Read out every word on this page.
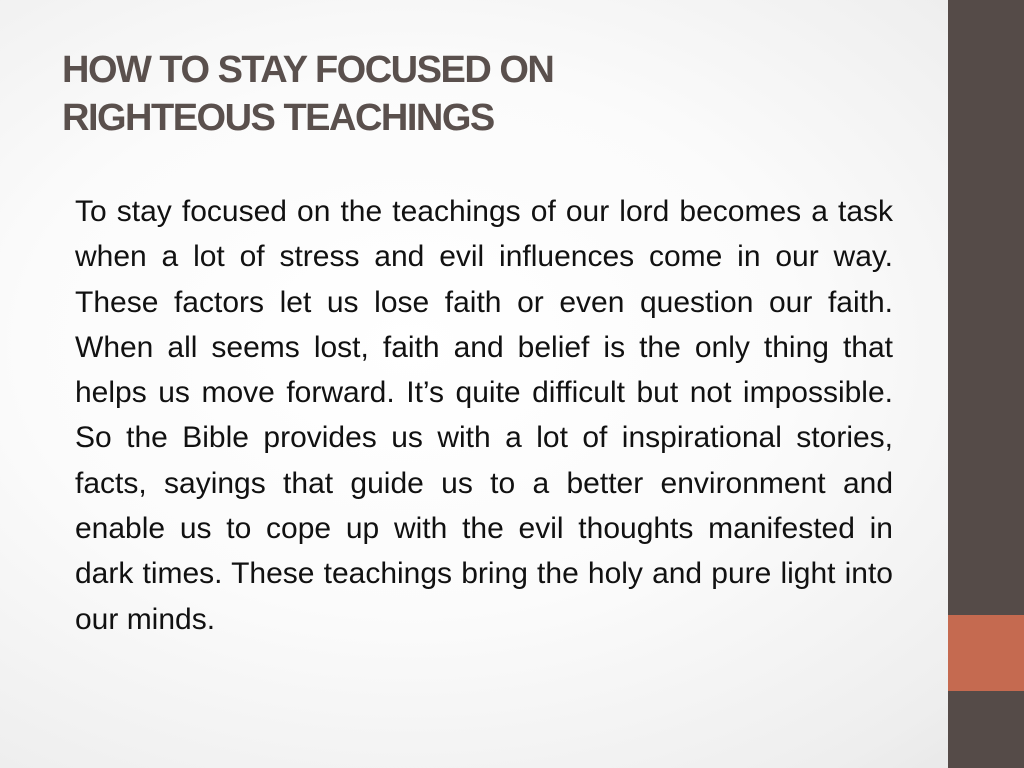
HOW TO STAY FOCUSED ON
RIGHTEOUS TEACHINGS

To stay focused on the teachings of our lord becomes a task when a lot of stress and evil influences come in our way. These factors let us lose faith or even question our faith. When all seems lost, faith and belief is the only thing that helps us move forward. It’s quite difficult but not impossible. So the Bible provides us with a lot of inspirational stories, facts, sayings that guide us to a better environment and enable us to cope up with the evil thoughts manifested in dark times. These teachings bring the holy and pure light into our minds.
